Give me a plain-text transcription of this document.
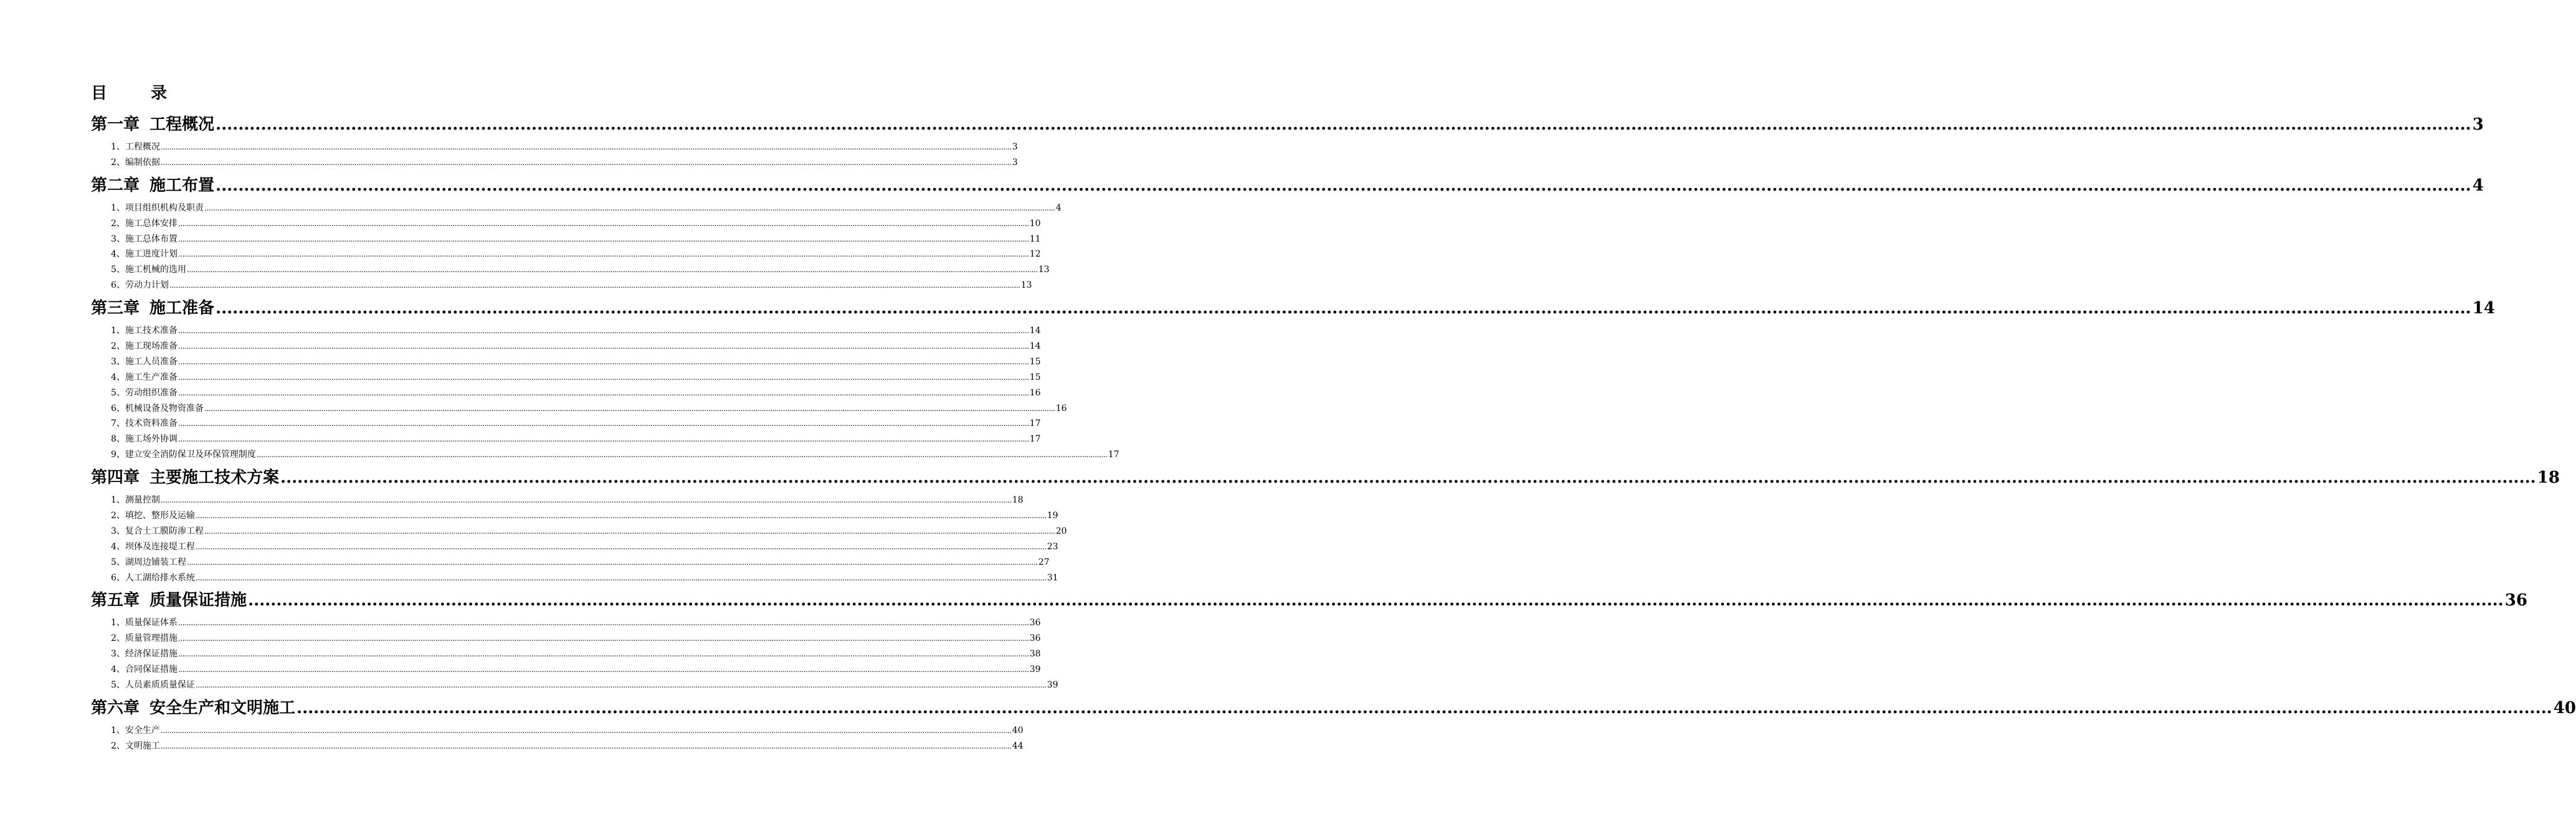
目	录
第一章 工程概况 ................................................................................................................................................................................................................................................................................................................................................................................................................ 3
1、工程概况 ................................................................................................................................................................................................................................................................................................................................................................................................................ 3
2、编制依据 ................................................................................................................................................................................................................................................................................................................................................................................................................ 3
第二章 施工布置 ................................................................................................................................................................................................................................................................................................................................................................................................................ 4
1、项目组织机构及职责 ................................................................................................................................................................................................................................................................................................................................................................................................................ 4
2、施工总体安排 ................................................................................................................................................................................................................................................................................................................................................................................................................ 10
3、施工总体布置 ................................................................................................................................................................................................................................................................................................................................................................................................................ 11
4、施工进度计划 ................................................................................................................................................................................................................................................................................................................................................................................................................ 12
5、施工机械的选用 ................................................................................................................................................................................................................................................................................................................................................................................................................ 13
6、劳动力计划 ................................................................................................................................................................................................................................................................................................................................................................................................................ 13
第三章 施工准备 ................................................................................................................................................................................................................................................................................................................................................................................................................ 14
1、施工技术准备 ................................................................................................................................................................................................................................................................................................................................................................................................................ 14
2、施工现场准备 ................................................................................................................................................................................................................................................................................................................................................................................................................ 14
3、施工人员准备 ................................................................................................................................................................................................................................................................................................................................................................................................................ 15
4、施工生产准备 ................................................................................................................................................................................................................................................................................................................................................................................................................ 15
5、劳动组织准备 ................................................................................................................................................................................................................................................................................................................................................................................................................ 16
6、机械设备及物资准备 ................................................................................................................................................................................................................................................................................................................................................................................................................ 16
7、技术资料准备 ................................................................................................................................................................................................................................................................................................................................................................................................................ 17
8、施工场外协调 ................................................................................................................................................................................................................................................................................................................................................................................................................ 17
9、建立安全消防保卫及环保管理制度 ................................................................................................................................................................................................................................................................................................................................................................................................................ 17
第四章 主要施工技术方案 ................................................................................................................................................................................................................................................................................................................................................................................................................ 18
1、测量控制 ................................................................................................................................................................................................................................................................................................................................................................................................................ 18
2、填挖、整形及运输 ................................................................................................................................................................................................................................................................................................................................................................................................................ 19
3、复合土工膜防渗工程 ................................................................................................................................................................................................................................................................................................................................................................................................................ 20
4、坝体及连接堤工程 ................................................................................................................................................................................................................................................................................................................................................................................................................ 23
5、湖周边铺装工程 ................................................................................................................................................................................................................................................................................................................................................................................................................ 27
6、人工湖给排水系统 ................................................................................................................................................................................................................................................................................................................................................................................................................ 31
第五章 质量保证措施 ................................................................................................................................................................................................................................................................................................................................................................................................................ 36
1、质量保证体系 ................................................................................................................................................................................................................................................................................................................................................................................................................ 36
2、质量管理措施 ................................................................................................................................................................................................................................................................................................................................................................................................................ 36
3、经济保证措施 ................................................................................................................................................................................................................................................................................................................................................................................................................ 38
4、合同保证措施 ................................................................................................................................................................................................................................................................................................................................................................................................................ 39
5、人员素质质量保证 ................................................................................................................................................................................................................................................................................................................................................................................................................ 39
第六章 安全生产和文明施工 ................................................................................................................................................................................................................................................................................................................................................................................................................ 40
1、安全生产 ................................................................................................................................................................................................................................................................................................................................................................................................................ 40
2、文明施工 ................................................................................................................................................................................................................................................................................................................................................................................................................ 44
